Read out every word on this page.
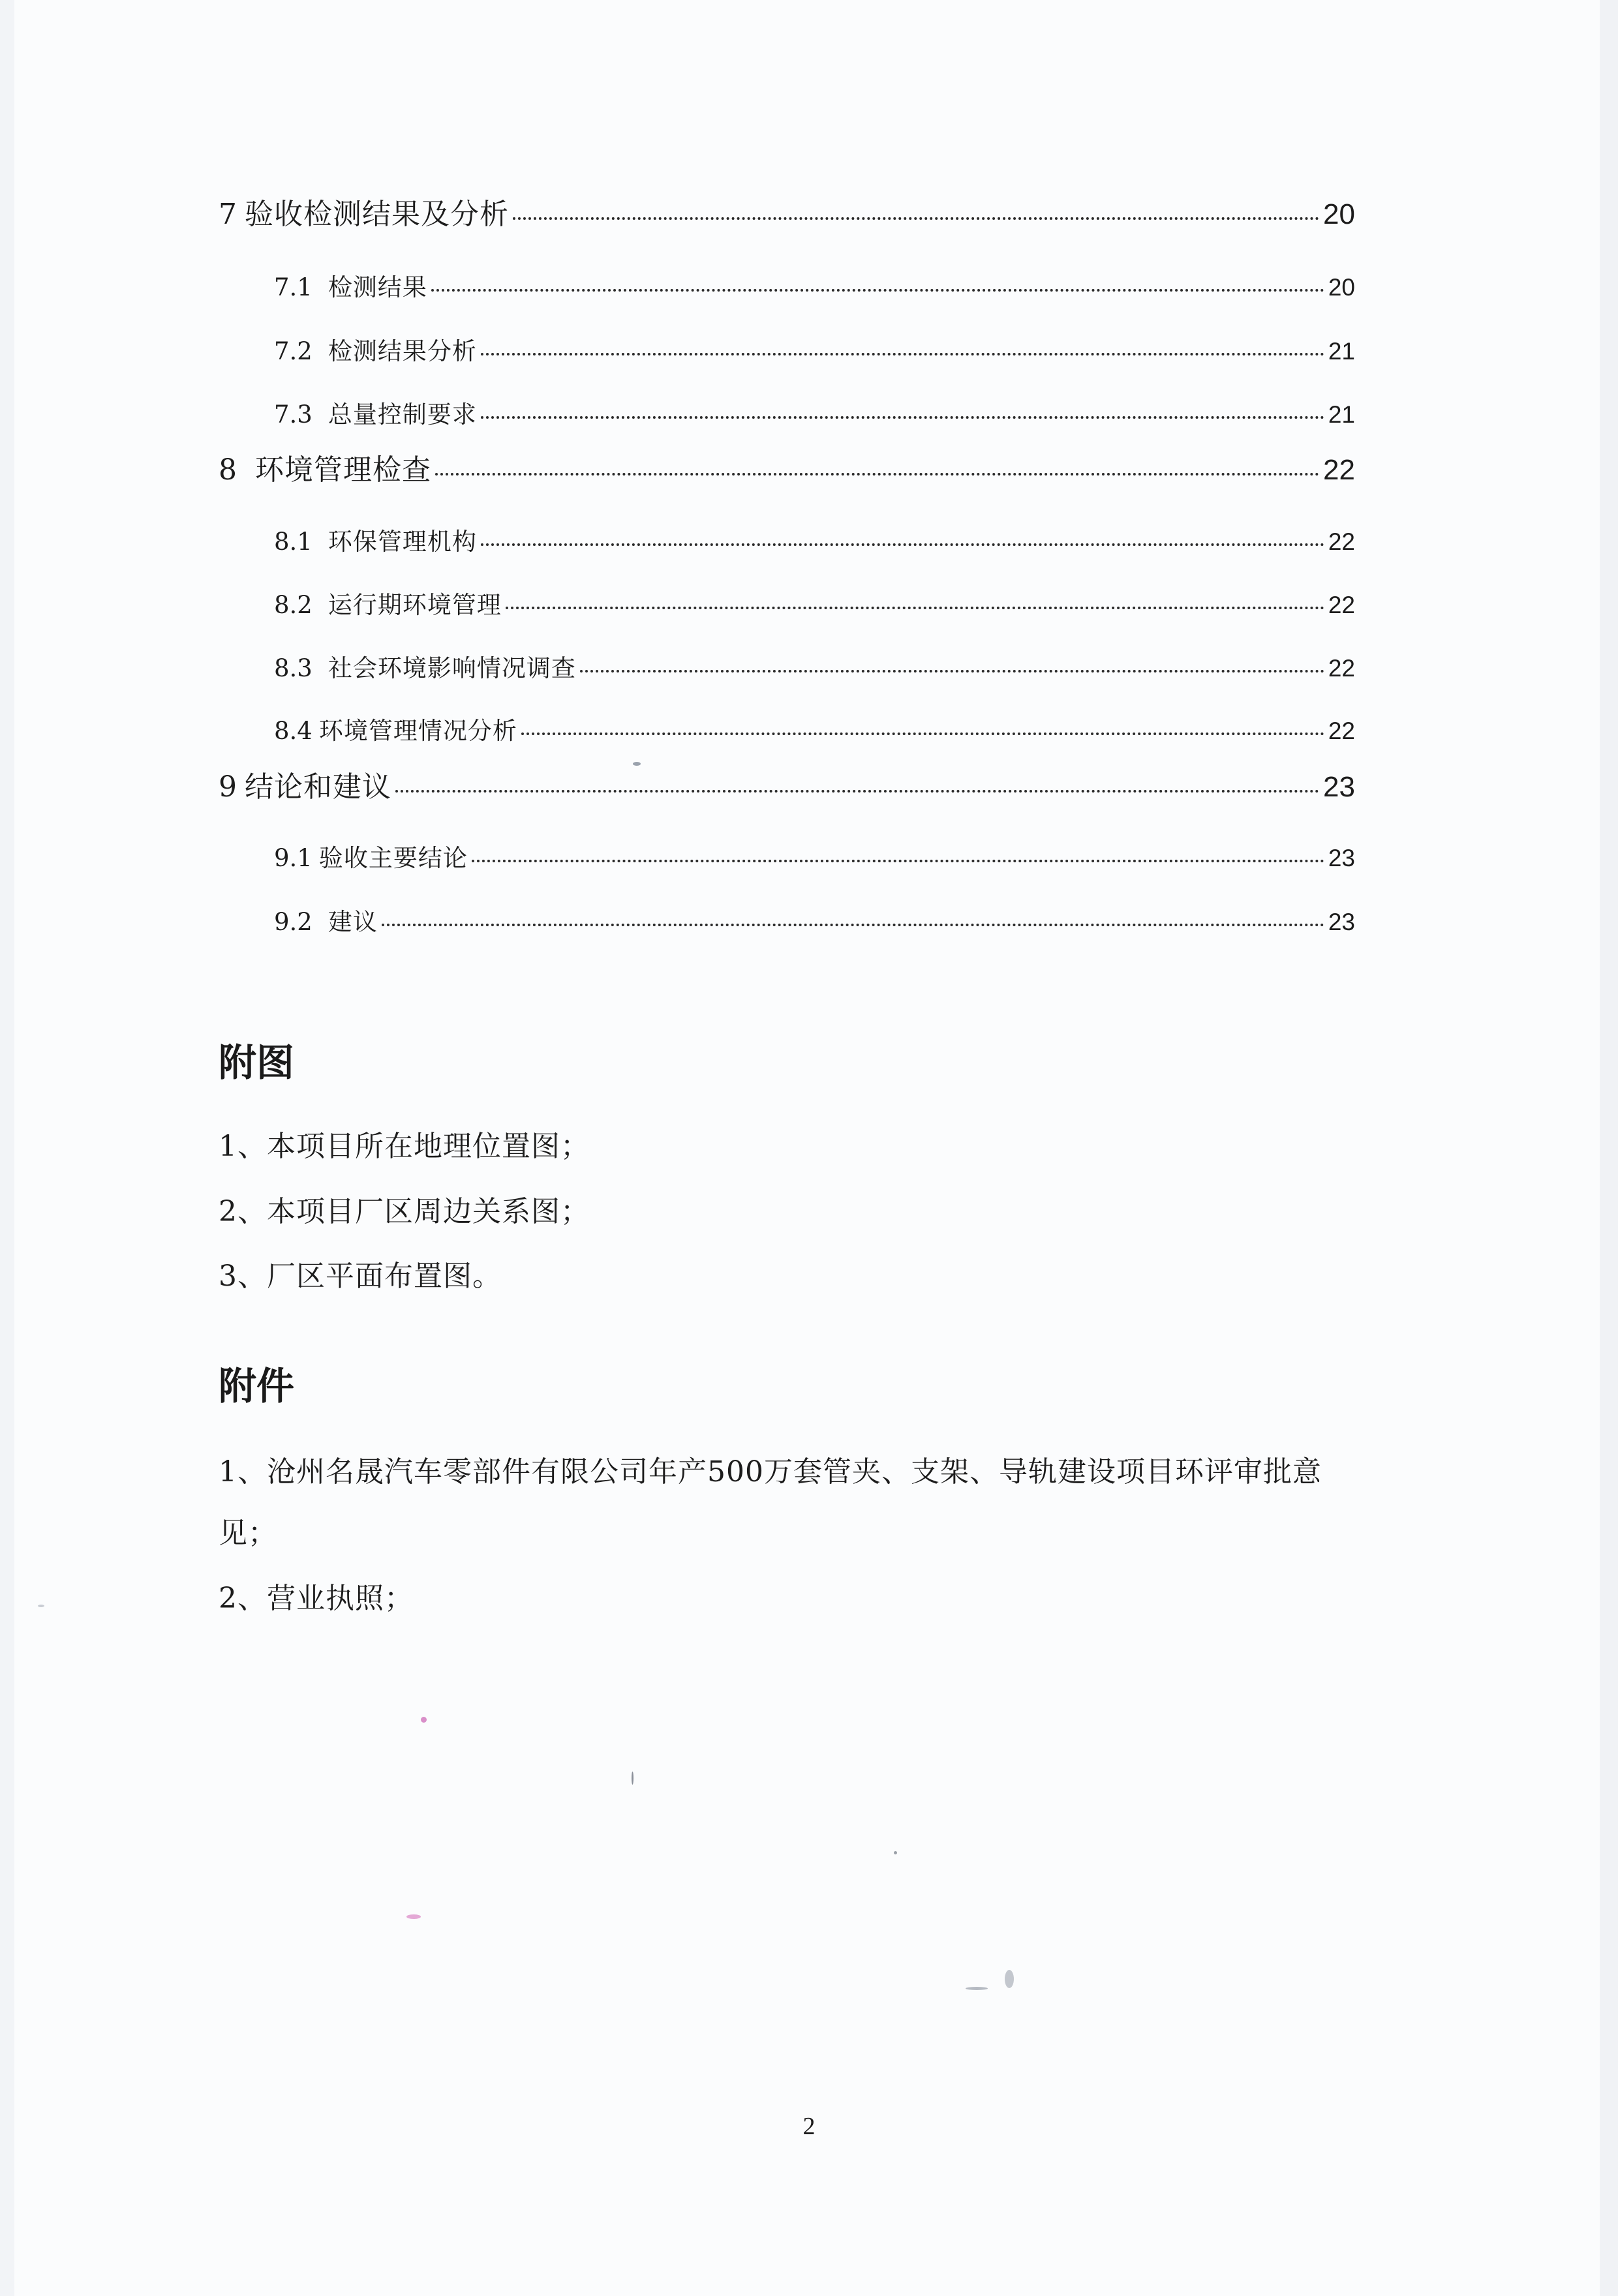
7 验收检测结果及分析	20
7.1 检测结果	20
7.2 检测结果分析	21
7.3 总量控制要求	21
8 环境管理检查	22
8.1 环保管理机构	22
8.2 运行期环境管理	22
8.3 社会环境影响情况调查	22
8.4 环境管理情况分析	22
9 结论和建议	23
9.1 验收主要结论	23
9.2 建议	23
附图
1、本项目所在地理位置图；
2、本项目厂区周边关系图；
3、厂区平面布置图。
附件
1、沧州名晟汽车零部件有限公司年产500万套管夹、支架、导轨建设项目环评审批意见；
2、营业执照；
2
